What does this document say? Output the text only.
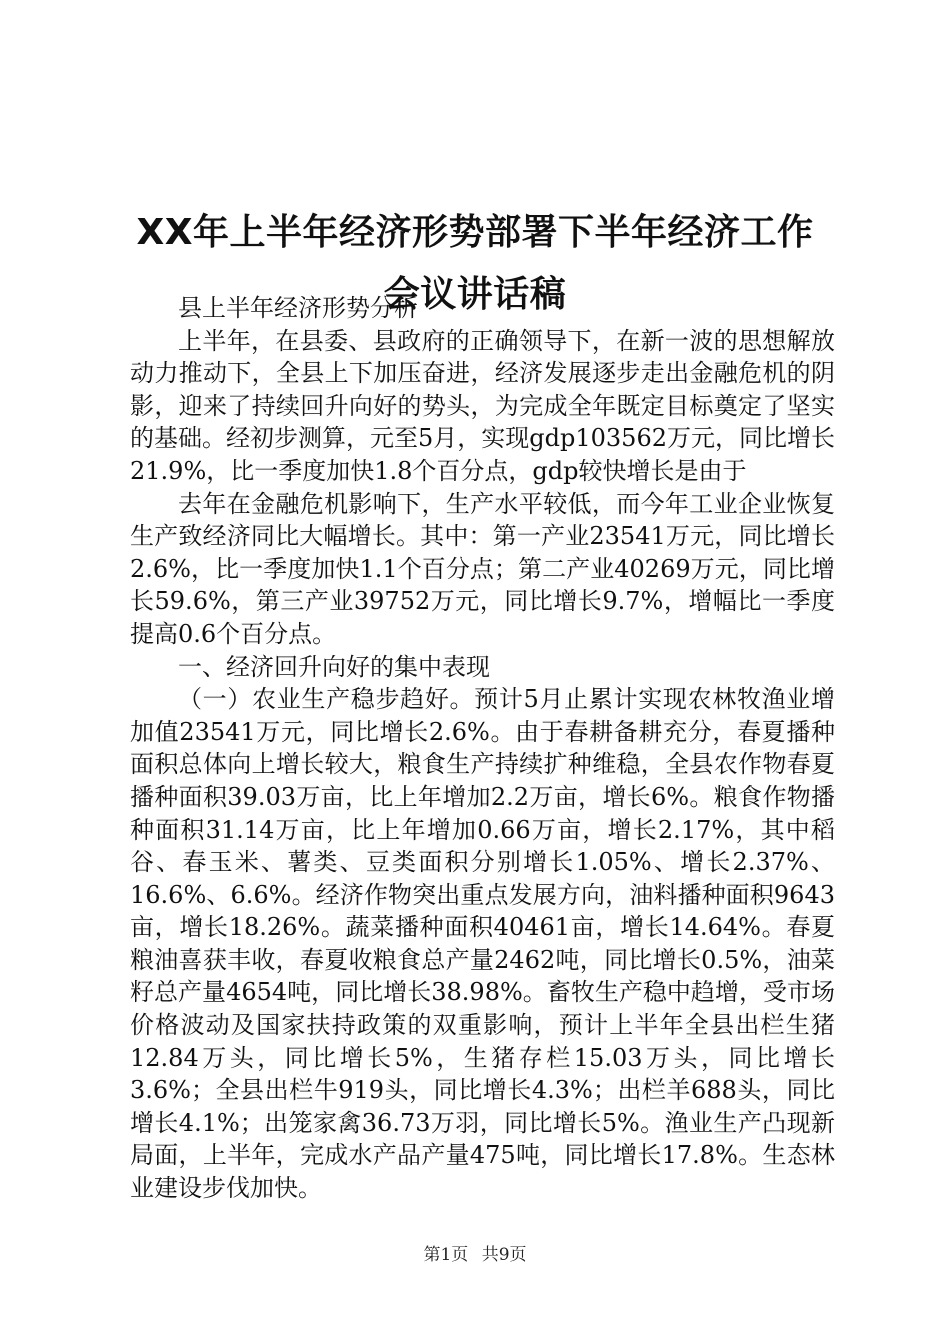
XX年上半年经济形势部署下半年经济工作会议讲话稿

县上半年经济形势分析

上半年，在县委、县政府的正确领导下，在新一波的思想解放动力推动下，全县上下加压奋进，经济发展逐步走出金融危机的阴影，迎来了持续回升向好的势头，为完成全年既定目标奠定了坚实的基础。经初步测算，元至5月，实现gdp103562万元，同比增长21.9%，比一季度加快1.8个百分点，gdp较快增长是由于

去年在金融危机影响下，生产水平较低，而今年工业企业恢复生产致经济同比大幅增长。其中：第一产业23541万元，同比增长2.6%，比一季度加快1.1个百分点；第二产业40269万元，同比增长59.6%，第三产业39752万元，同比增长9.7%，增幅比一季度提高0.6个百分点。

一、经济回升向好的集中表现

（一）农业生产稳步趋好。预计5月止累计实现农林牧渔业增加值23541万元，同比增长2.6%。由于春耕备耕充分，春夏播种面积总体向上增长较大，粮食生产持续扩种维稳，全县农作物春夏播种面积39.03万亩，比上年增加2.2万亩，增长6%。粮食作物播种面积31.14万亩，比上年增加0.66万亩，增长2.17%，其中稻谷、春玉米、薯类、豆类面积分别增长1.05%、增长2.37%、16.6%、6.6%。经济作物突出重点发展方向，油料播种面积9643亩，增长18.26%。蔬菜播种面积40461亩，增长14.64%。春夏粮油喜获丰收，春夏收粮食总产量2462吨，同比增长0.5%，油菜籽总产量4654吨，同比增长38.98%。畜牧生产稳中趋增，受市场价格波动及国家扶持政策的双重影响，预计上半年全县出栏生猪12.84万头，同比增长5%，生猪存栏15.03万头，同比增长3.6%；全县出栏牛919头，同比增长4.3%；出栏羊688头，同比增长4.1%；出笼家禽36.73万羽，同比增长5%。渔业生产凸现新局面，上半年，完成水产品产量475吨，同比增长17.8%。生态林业建设步伐加快。

第1页 共9页
